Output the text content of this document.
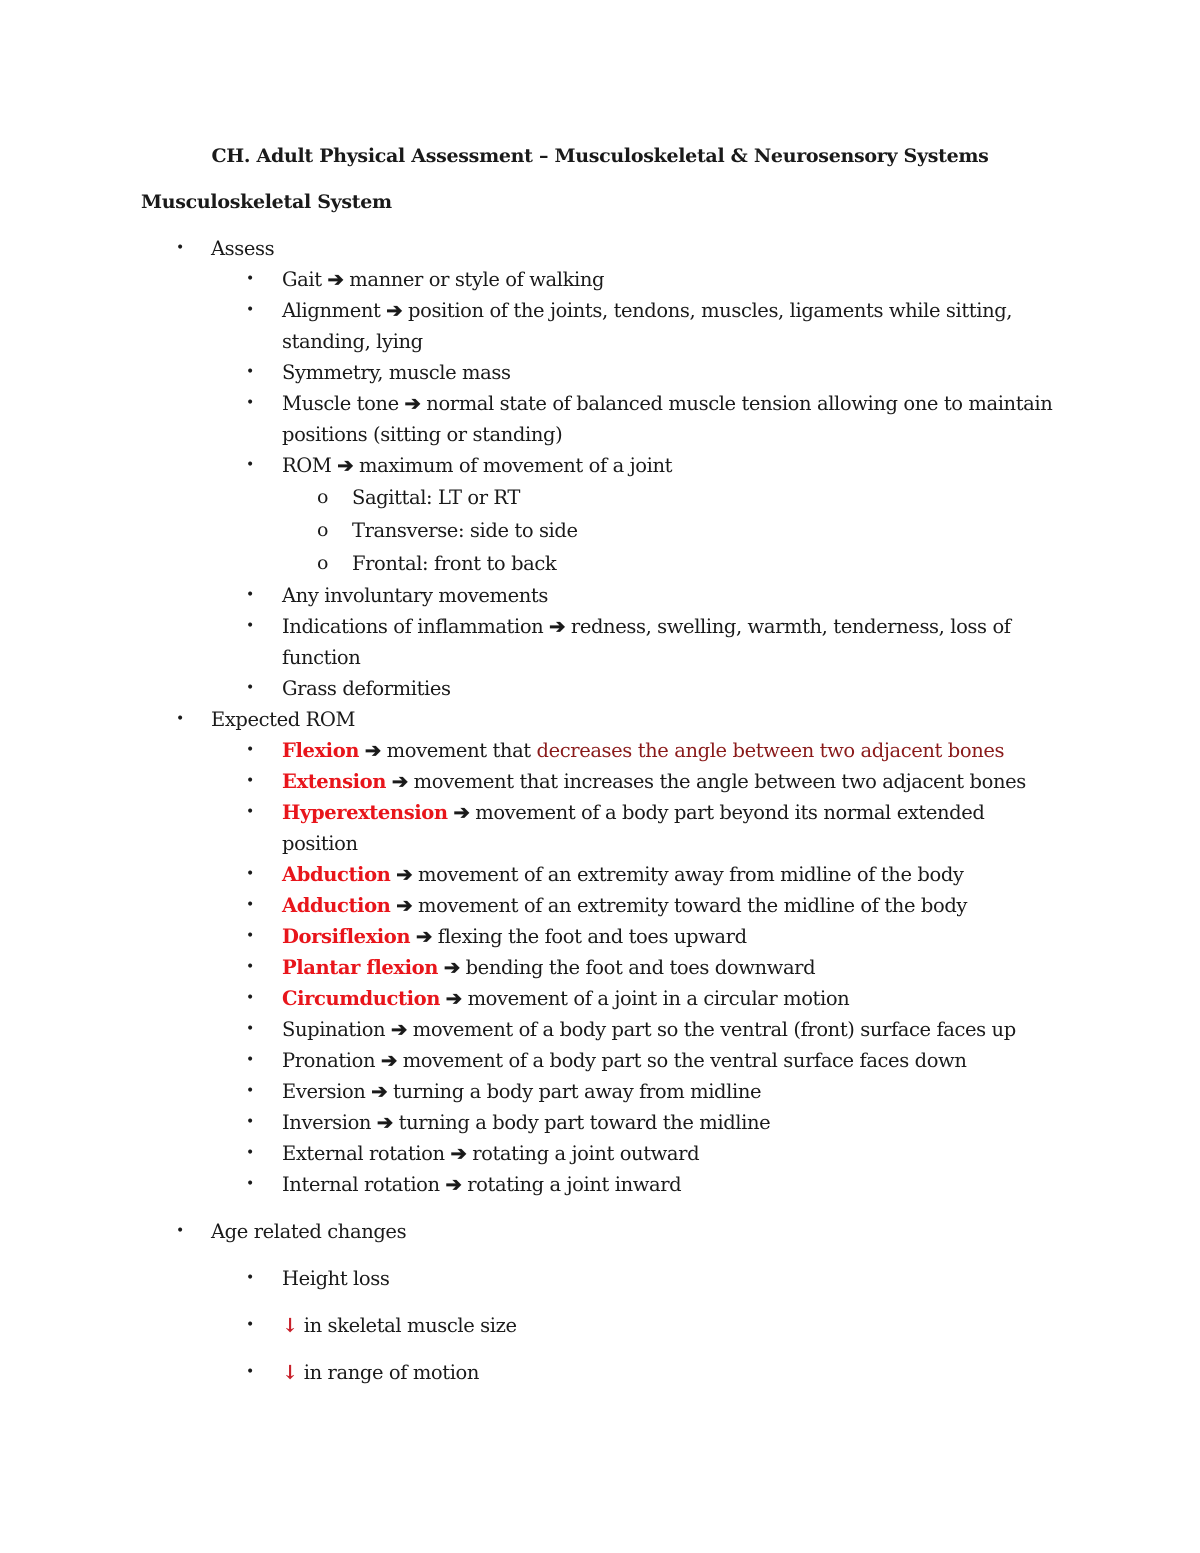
CH. Adult Physical Assessment – Musculoskeletal & Neurosensory Systems
Musculoskeletal System
• Assess
• Gait ➔ manner or style of walking
• Alignment ➔ position of the joints, tendons, muscles, ligaments while sitting,
standing, lying
• Symmetry, muscle mass
• Muscle tone ➔ normal state of balanced muscle tension allowing one to maintain
positions (sitting or standing)
• ROM ➔ maximum of movement of a joint
o Sagittal: LT or RT
o Transverse: side to side
o Frontal: front to back
• Any involuntary movements
• Indications of inflammation ➔ redness, swelling, warmth, tenderness, loss of
function
• Grass deformities
• Expected ROM
• Flexion ➔ movement that decreases the angle between two adjacent bones
• Extension ➔ movement that increases the angle between two adjacent bones
• Hyperextension ➔ movement of a body part beyond its normal extended
position
• Abduction ➔ movement of an extremity away from midline of the body
• Adduction ➔ movement of an extremity toward the midline of the body
• Dorsiflexion ➔ flexing the foot and toes upward
• Plantar flexion ➔ bending the foot and toes downward
• Circumduction ➔ movement of a joint in a circular motion
• Supination ➔ movement of a body part so the ventral (front) surface faces up
• Pronation ➔ movement of a body part so the ventral surface faces down
• Eversion ➔ turning a body part away from midline
• Inversion ➔ turning a body part toward the midline
• External rotation ➔ rotating a joint outward
• Internal rotation ➔ rotating a joint inward
• Age related changes
• Height loss
• ↓ in skeletal muscle size
• ↓ in range of motion
